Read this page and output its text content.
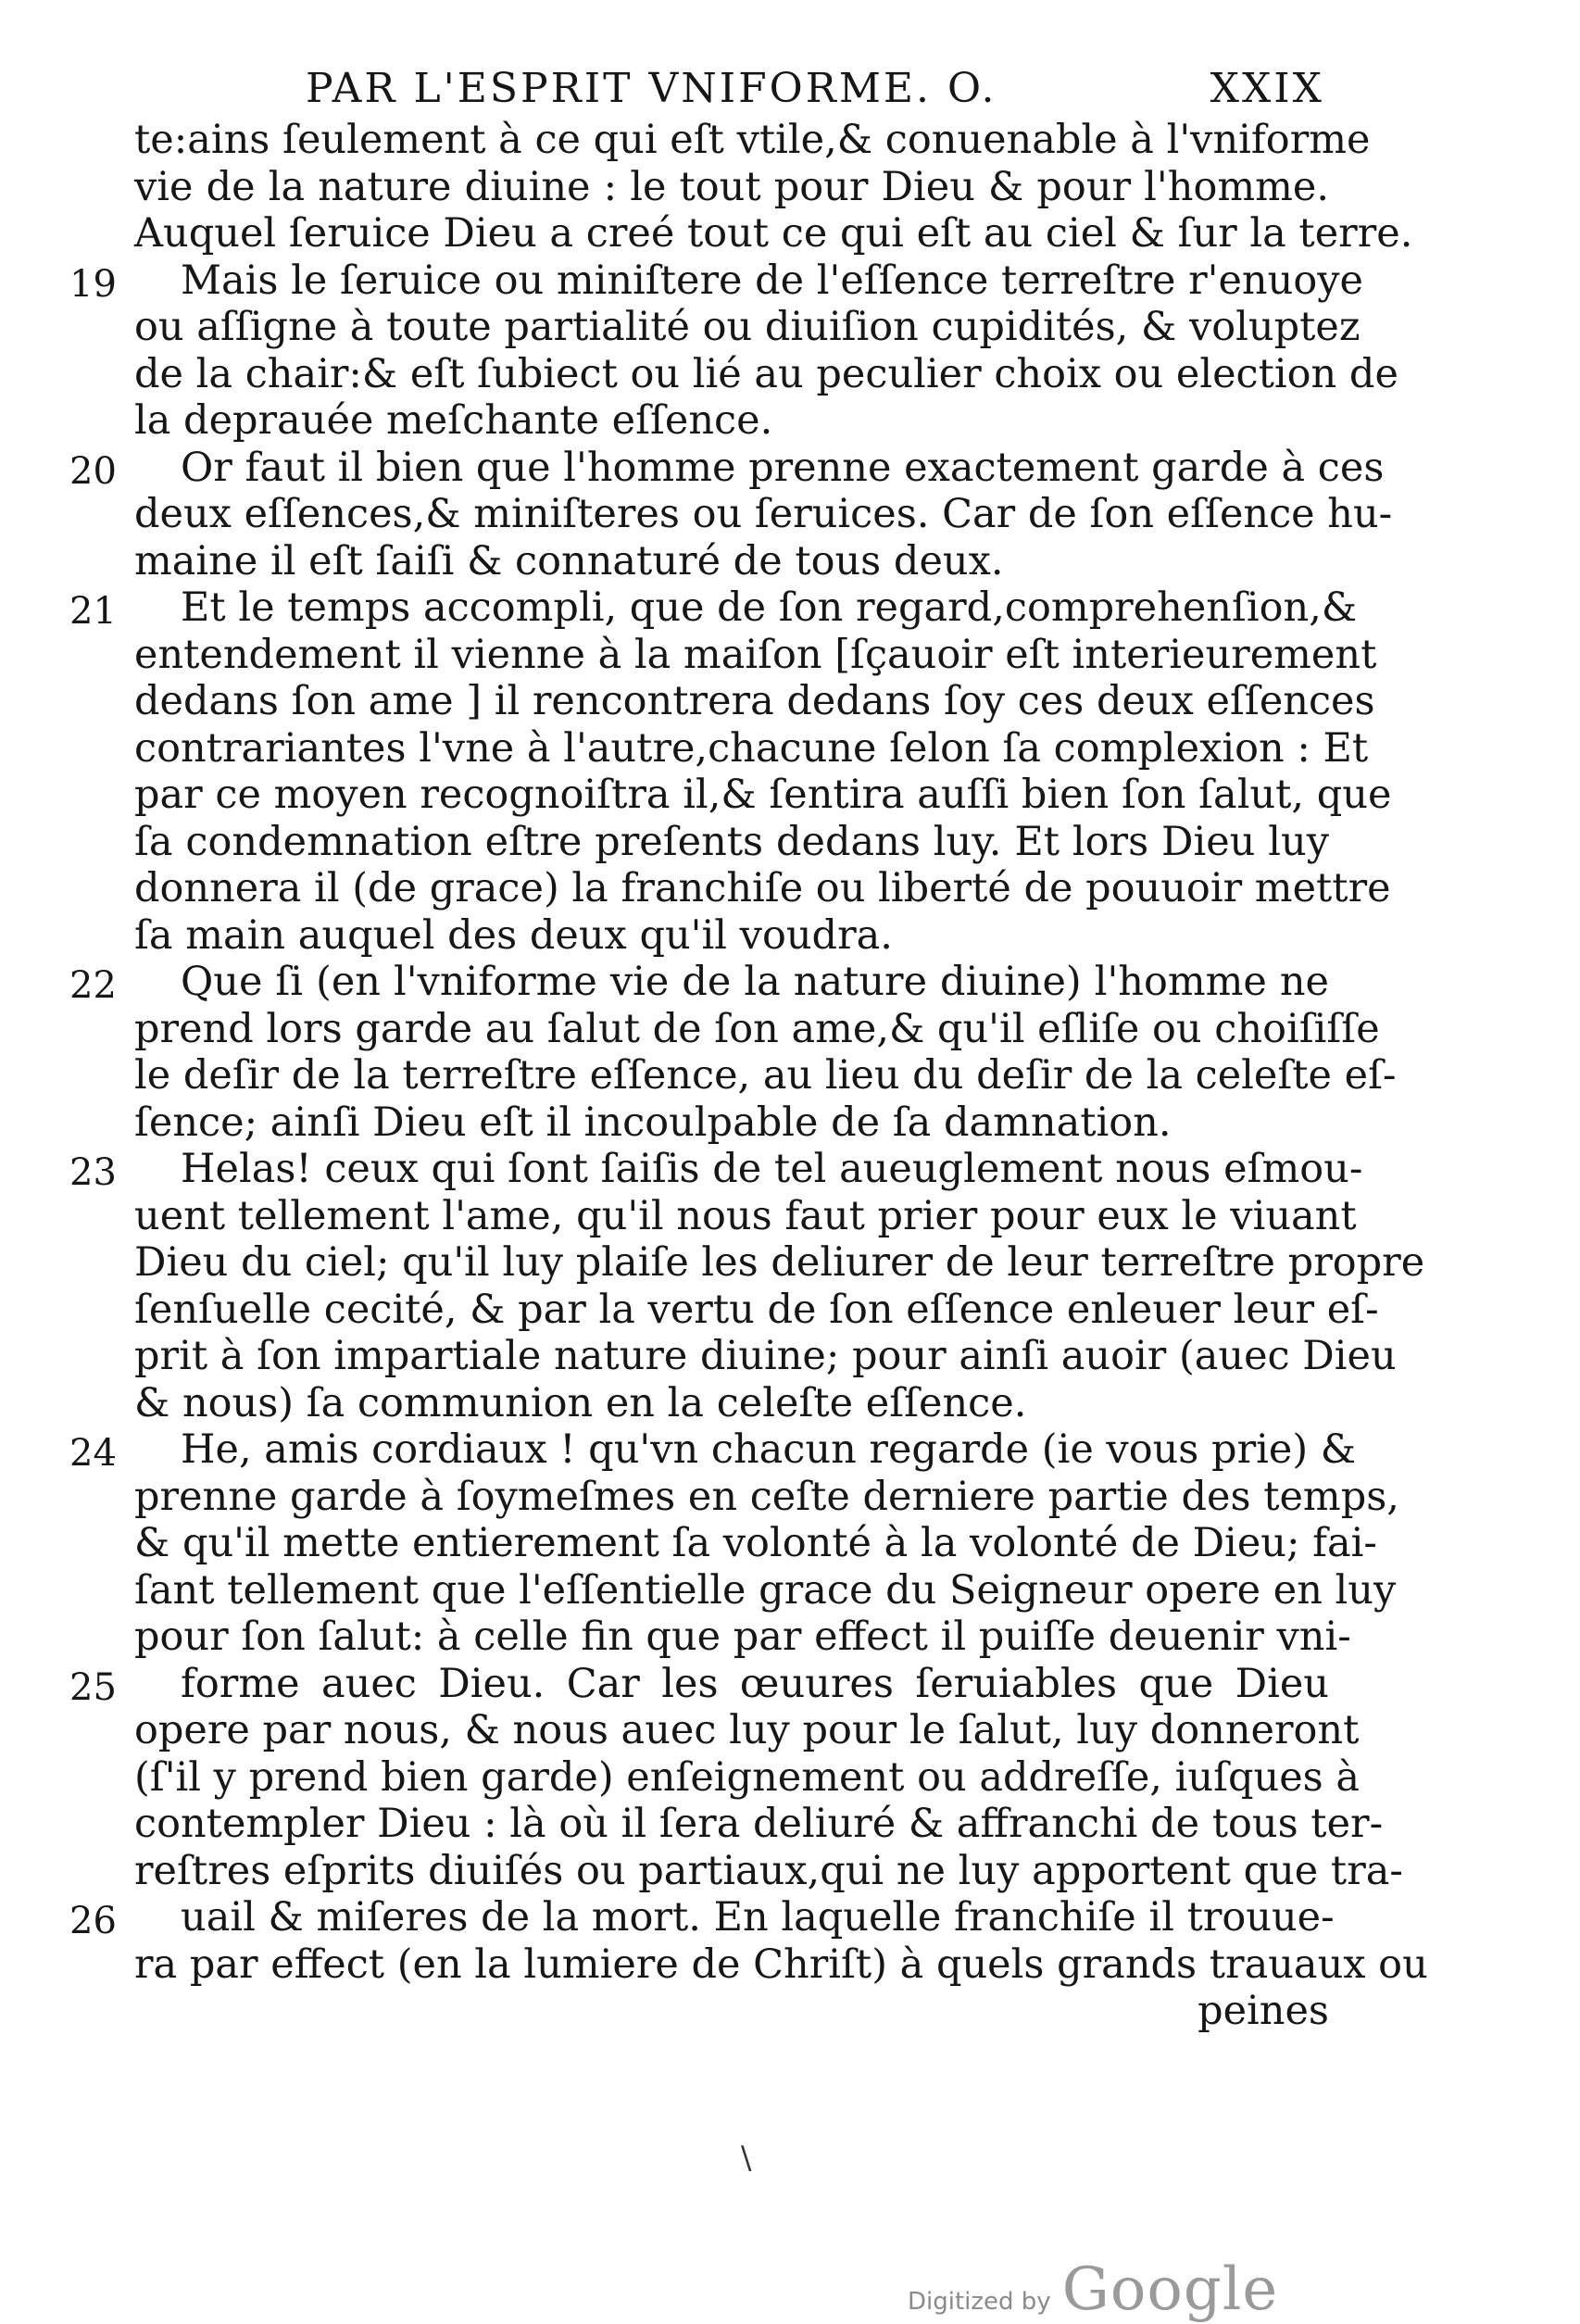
PAR L'ESPRIT VNIFORME. O.	XXIX
te:ains ſeulement à ce qui eſt vtile,& conuenable à l'vniforme
vie de la nature diuine : le tout pour Dieu & pour l'homme.
Auquel ſeruice Dieu a creé tout ce qui eſt au ciel & ſur la terre.
19 Mais le ſeruice ou miniſtere de l'eſſence terreſtre r'enuoye
ou aſſigne à toute partialité ou diuiſion cupidités, & voluptez
de la chair:& eſt ſubiect ou lié au peculier choix ou election de
la deprauée meſchante eſſence.
20 Or faut il bien que l'homme prenne exactement garde à ces
deux eſſences,& miniſteres ou ſeruices. Car de ſon eſſence hu-
maine il eſt ſaiſi & connaturé de tous deux.
21 Et le temps accompli, que de ſon regard,comprehenſion,&
entendement il vienne à la maiſon [ſçauoir eſt interieurement
dedans ſon ame ] il rencontrera dedans ſoy ces deux eſſences
contrariantes l'vne à l'autre,chacune ſelon ſa complexion : Et
par ce moyen recognoiſtra il,& ſentira auſſi bien ſon ſalut, que
ſa condemnation eſtre preſents dedans luy. Et lors Dieu luy
donnera il (de grace) la franchiſe ou liberté de pouuoir mettre
ſa main auquel des deux qu'il voudra.
22 Que ſi (en l'vniforme vie de la nature diuine) l'homme ne
prend lors garde au ſalut de ſon ame,& qu'il eſliſe ou choiſiſſe
le deſir de la terreſtre eſſence, au lieu du deſir de la celeſte eſ-
ſence; ainſi Dieu eſt il incoulpable de ſa damnation.
23 Helas! ceux qui ſont ſaiſis de tel aueuglement nous eſmou-
uent tellement l'ame, qu'il nous faut prier pour eux le viuant
Dieu du ciel; qu'il luy plaiſe les deliurer de leur terreſtre propre
ſenſuelle cecité, & par la vertu de ſon eſſence enleuer leur eſ-
prit à ſon impartiale nature diuine; pour ainſi auoir (auec Dieu
& nous) ſa communion en la celeſte eſſence.
24 He, amis cordiaux ! qu'vn chacun regarde (ie vous prie) &
prenne garde à ſoymeſmes en ceſte derniere partie des temps,
& qu'il mette entierement ſa volonté à la volonté de Dieu; fai-
ſant tellement que l'eſſentielle grace du Seigneur opere en luy
pour ſon ſalut: à celle fin que par effect il puiſſe deuenir vni-
25 forme auec Dieu. Car les œuures ſeruiables que Dieu
opere par nous, & nous auec luy pour le ſalut, luy donneront
(ſ'il y prend bien garde) enſeignement ou addreſſe, iuſques à
contempler Dieu : là où il ſera deliuré & affranchi de tous ter-
reſtres eſprits diuiſés ou partiaux,qui ne luy apportent que tra-
26 uail & miſeres de la mort. En laquelle franchiſe il trouue-
ra par effect (en la lumiere de Chriſt) à quels grands trauaux ou
peines
\
Digitized by Google
